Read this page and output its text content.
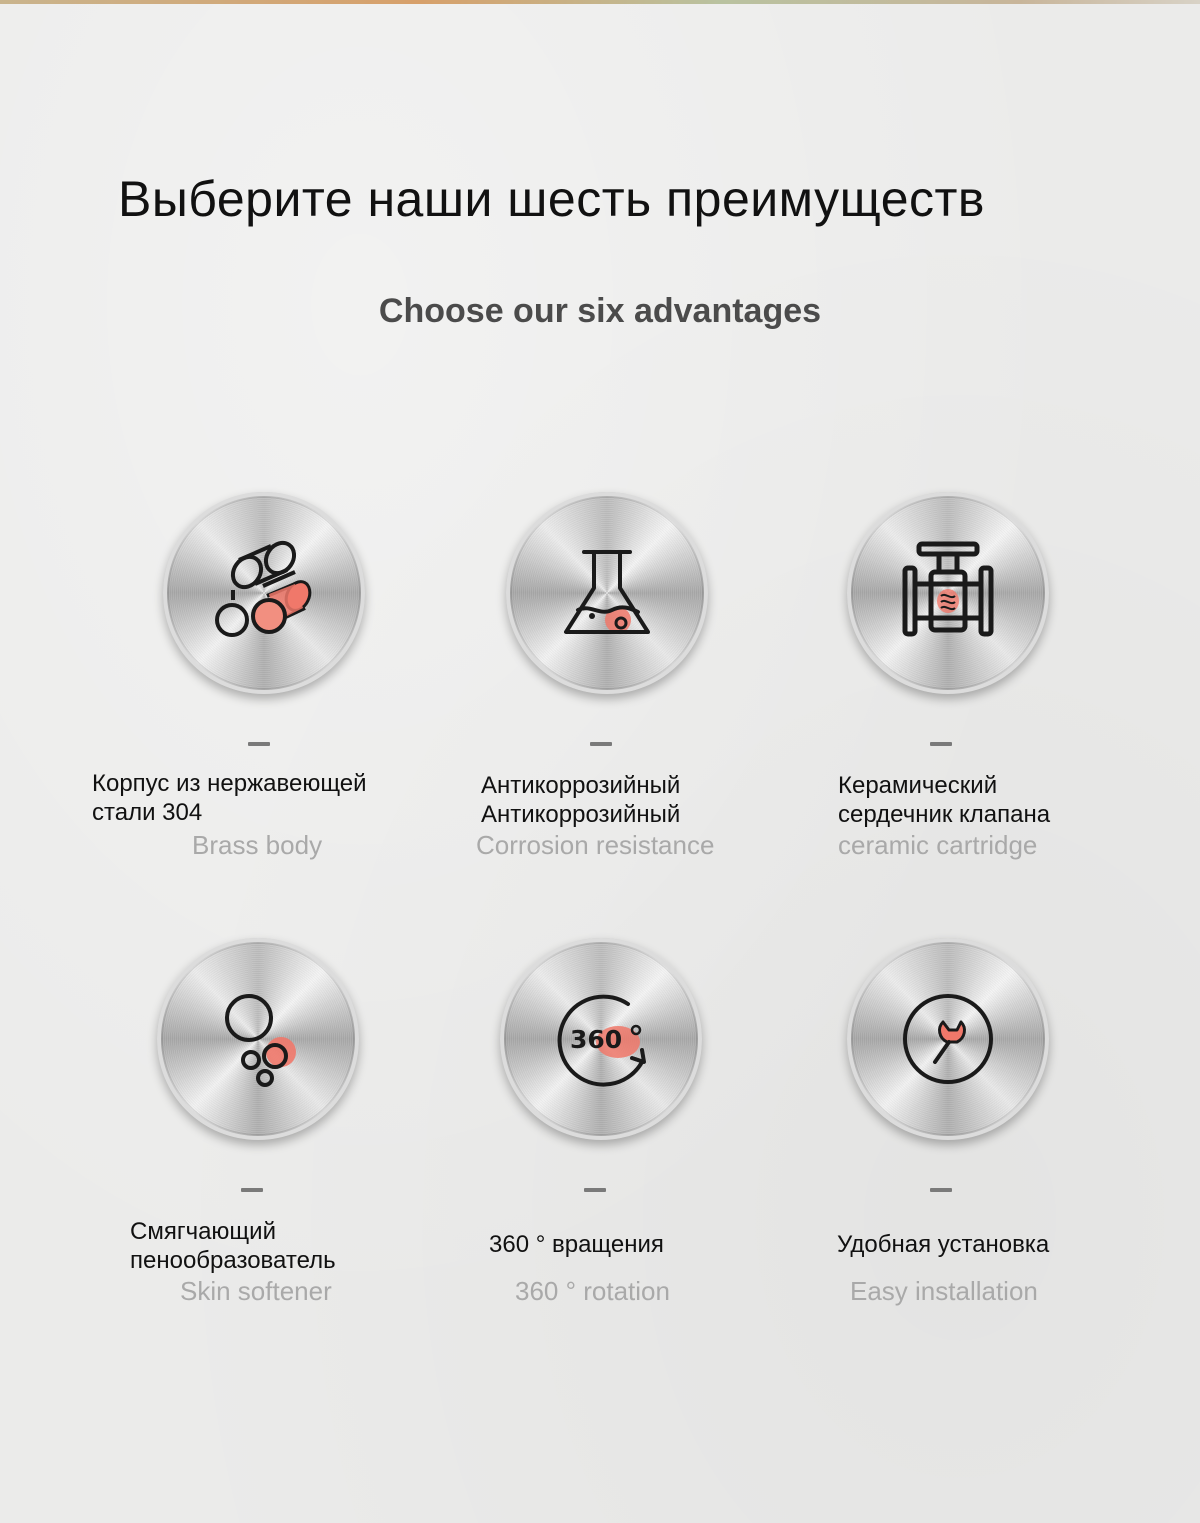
Выберите наши шесть преимуществ
Choose our six advantages

Корпус из нержавеющей
стали 304

Brass body

Антикоррозийный
Антикоррозийный

Corrosion resistance

Керамический
сердечник клапана

ceramic cartridge

Смягчающий
пенообразователь

Skin softener

360

360 ° вращения

360 ° rotation

Удобная установка

Easy installation
